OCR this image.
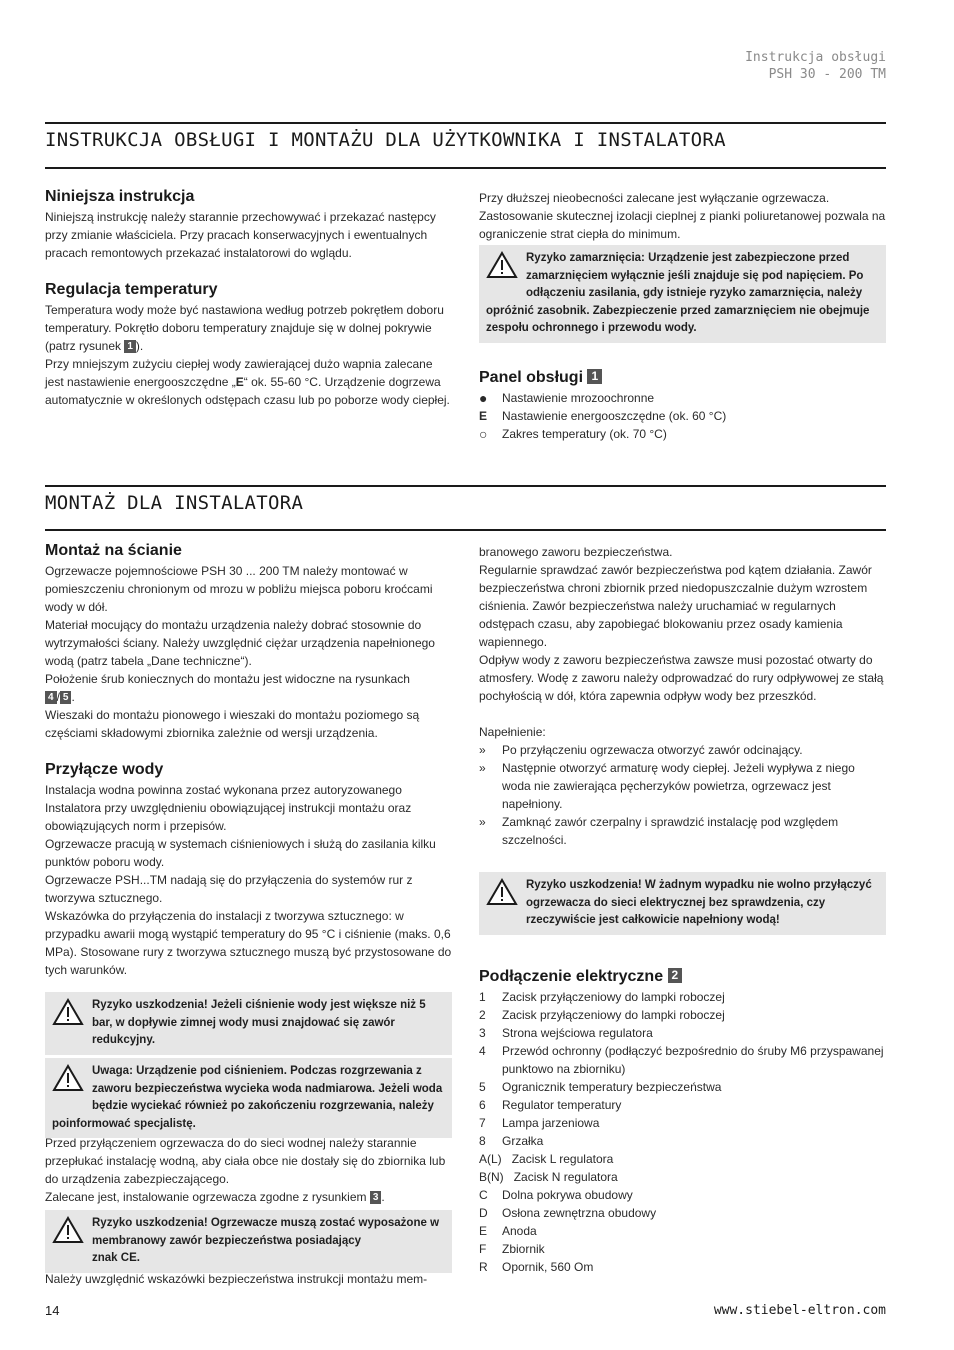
Instrukcja obsługi
PSH 30 - 200 TM
INSTRUKCJA OBSŁUGI I MONTAŻU DLA UŻYTKOWNIKA I INSTALATORA
Niniejsza instrukcja

Niniejszą instrukcję należy starannie przechowywać i przekazać następcy przy zmianie właściciela. Przy pracach konserwacyjnych i ewentualnych pracach remontowych przekazać instalatorowi do wglądu.

Regulacja temperatury

Temperatura wody może być nastawiona według potrzeb pokrętłem doboru temperatury. Pokrętło doboru temperatury znajduje się w dolnej pokrywie (patrz rysunek 1 ).

Przy mniejszym zużyciu ciepłej wody zawierającej dużo wapnia zalecane jest nastawienie energooszczędne „E“ ok. 55-60 °C. Urządzenie dogrzewa automatycznie w określonych odstępach czasu lub po poborze wody ciepłej.

Przy dłuższej nieobecności zalecane jest wyłączanie ogrzewacza. Zastosowanie skutecznej izolacji cieplnej z pianki poliuretanowej pozwala na ograniczenie strat ciepła do minimum.

Ryzyko zamarznięcia: Urządzenie jest zabezpieczone przed zamarznięciem wyłącznie jeśli znajduje się pod napięciem. Po odłączeniu zasilania, gdy istnieje ryzyko zamarznięcia, należy opróżnić zasobnik. Zabezpieczenie przed zamarznięciem nie obejmuje zespołu ochronnego i przewodu wody.
Panel obsługi 1
● Nastawienie mrozoochronne
E Nastawienie energooszczędne (ok. 60 °C)
○ Zakres temperatury (ok. 70 °C)
MONTAŻ DLA INSTALATORA
Montaż na ścianie

Ogrzewacze pojemnościowe PSH 30 ... 200 TM należy montować w pomieszczeniu chronionym od mrozu w pobliżu miejsca poboru kroćcami wody w dół.

Materiał mocujący do montażu urządzenia należy dobrać stosownie do wytrzymałości ściany. Należy uwzględnić ciężar urządzenia napełnionego wodą (patrz tabela „Dane techniczne“).

Położenie śrub koniecznych do montażu jest widoczne na rysunkach
4 / 5 .

Wieszaki do montażu pionowego i wieszaki do montażu poziomego są częściami składowymi zbiornika zależnie od wersji urządzenia.

Przyłącze wody

Instalacja wodna powinna zostać wykonana przez autoryzowanego Instalatora przy uwzględnieniu obowiązującej instrukcji montażu oraz obowiązujących norm i przepisów.

Ogrzewacze pracują w systemach ciśnieniowych i służą do zasilania kilku punktów poboru wody.

Ogrzewacze PSH...TM nadają się do przyłączenia do systemów rur z tworzywa sztucznego.

Wskazówka do przyłączenia do instalacji z tworzywa sztucznego: w przypadku awarii mogą wystąpić temperatury do 95 °C i ciśnienie (maks. 0,6 MPa). Stosowane rury z tworzywa sztucznego muszą być przystosowane do tych warunków.

Ryzyko uszkodzenia! Jeżeli ciśnienie wody jest większe niż 5 bar, w dopływie zimnej wody musi znajdować się zawór redukcyjny.
Uwaga: Urządzenie pod ciśnieniem. Podczas rozgrzewania z zaworu bezpieczeństwa wycieka woda nadmiarowa. Jeżeli woda będzie wyciekać również po zakończeniu rozgrzewania, należy poinformować specjalistę.

Przed przyłączeniem ogrzewacza do do sieci wodnej należy starannie przepłukać instalację wodną, aby ciała obce nie dostały się do zbiornika lub do urządzenia zabezpieczającego.

Zalecane jest, instalowanie ogrzewacza zgodne z rysunkiem 3 .

Ryzyko uszkodzenia! Ogrzewacze muszą zostać wyposażone w membranowy zawór bezpieczeństwa posiadający
znak CE.

Należy uwzględnić wskazówki bezpieczeństwa instrukcji montażu mem-

branowego zaworu bezpieczeństwa.

Regularnie sprawdzać zawór bezpieczeństwa pod kątem działania. Zawór bezpieczeństwa chroni zbiornik przed niedopuszczalnie dużym wzrostem ciśnienia. Zawór bezpieczeństwa należy uruchamiać w regularnych odstępach czasu, aby zapobiegać blokowaniu przez osady kamienia wapiennego.

Odpływ wody z zaworu bezpieczeństwa zawsze musi pozostać otwarty do atmosfery. Wodę z zaworu należy odprowadzać do rury odpływowej ze stałą pochyłością w dół, która zapewnia odpływ wody bez przeszkód.

Napełnienie:

» Po przyłączeniu ogrzewacza otworzyć zawór odcinający.
» Następnie otworzyć armaturę wody ciepłej. Jeżeli wypływa z niego woda nie zawierająca pęcherzyków powietrza, ogrzewacz jest napełniony.
» Zamknąć zawór czerpalny i sprawdzić instalację pod względem szczelności.
Ryzyko uszkodzenia! W żadnym wypadku nie wolno przyłączyć ogrzewacza do sieci elektrycznej bez sprawdzenia, czy rzeczywiście jest całkowicie napełniony wodą!
Podłączenie elektryczne 2
1 Zacisk przyłączeniowy do lampki roboczej
2 Zacisk przyłączeniowy do lampki roboczej
3 Strona wejściowa regulatora
4 Przewód ochronny (podłączyć bezpośrednio do śruby M6 przyspawanej punktowo na zbiorniku)
5 Ogranicznik temperatury bezpieczeństwa
6 Regulator temperatury
7 Lampa jarzeniowa
8 Grzałka
A(L) Zacisk L regulatora
B(N) Zacisk N regulatora
C Dolna pokrywa obudowy
D Osłona zewnętrzna obudowy
E Anoda
F Zbiornik
R Opornik, 560 Om
14	www.stiebel-eltron.com
